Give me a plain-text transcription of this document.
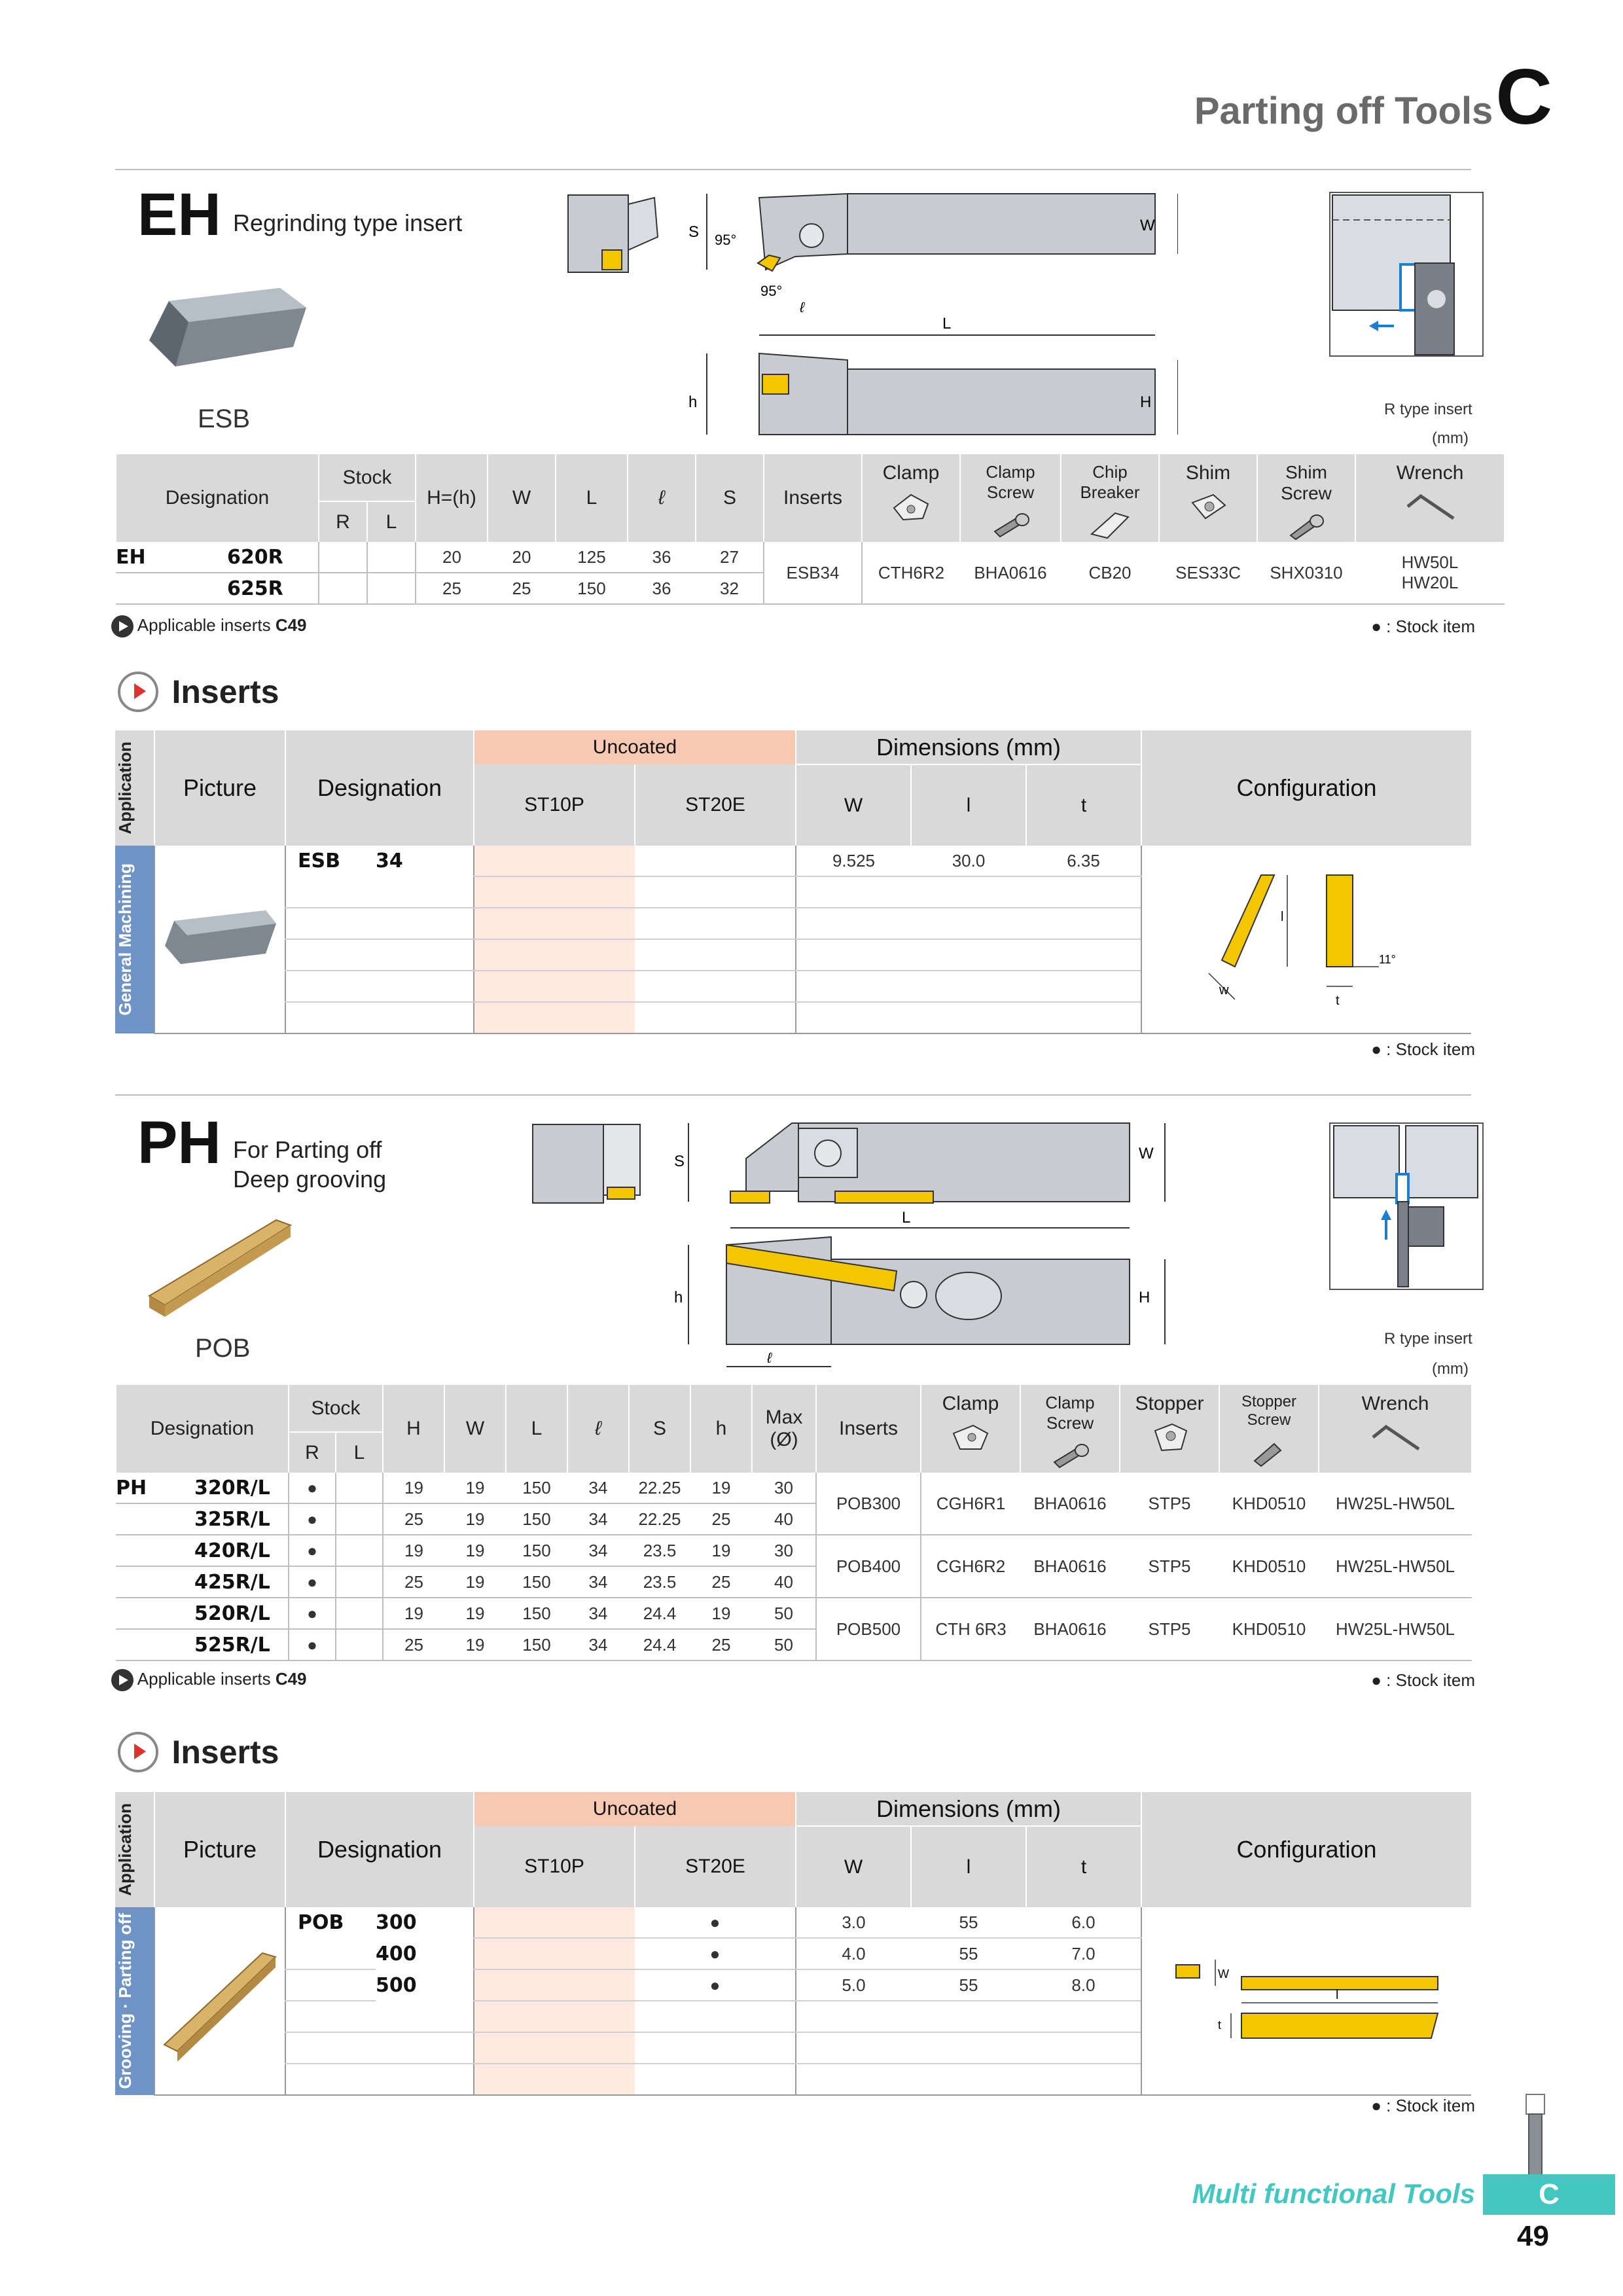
Parting off ToolsC
EH Regrinding type insert
ESB
S 95°
95°
ℓ
W
L
h	H	R type insert
(mm)
Designation		Stock		H=(h)	W	L	ℓ	S	Inserts	Clamp	Clamp Screw	Chip Breaker	Shim	Shim Screw	Wrench

		R	L												
EH	620R			20	20	125	36	27	ESB34	CTH6R2	BHA0616	CB20	SES33C	SHX0310	HW50L
HW20L

	625R			25	25	150	36	32							
Applicable inserts C49	● : Stock item
Inserts
Application	Picture	Designation		Uncoated		Dimensions (mm)			Configuration
				ST10P	ST20E	W	l	t	

General Machining		ESB	34			9.525	30.0	6.35	l
w
t
11°

● : Stock item
PH For Parting off
Deep grooving
POB
S	W
L
h	H
ℓ
R type insert
(mm)
Designation		Stock		H	W	L	ℓ	S	h	Max
(Ø)	Inserts	Clamp	Clamp Screw	Stopper	Stopper Screw	Wrench

		R	L													
PH	320R/L	●		19	19	150	34	22.25	19	30	POB300	CGH6R1	BHA0616	STP5	KHD0510	HW25L-HW50L
	325R/L	●		25	19	150	34	22.25	25	40						
	420R/L	●		19	19	150	34	23.5	19	30	POB400	CGH6R2	BHA0616	STP5	KHD0510	HW25L-HW50L
	425R/L	●		25	19	150	34	23.5	25	40						
	520R/L	●		19	19	150	34	24.4	19	50	POB500	CTH 6R3	BHA0616	STP5	KHD0510	HW25L-HW50L
	525R/L	●		25	19	150	34	24.4	25	50						
Applicable inserts C49	● : Stock item
Inserts
Application	Picture	Designation		Uncoated		Dimensions (mm)			Configuration
				ST10P	ST20E	W	l	t	

Grooving · Parting off		POB	300		●	3.0	55	6.0	W
l
t

			400		●	4.0	55	7.0	
			500		●	5.0	55	8.0	

● : Stock item
Multi functional Tools	C
49
